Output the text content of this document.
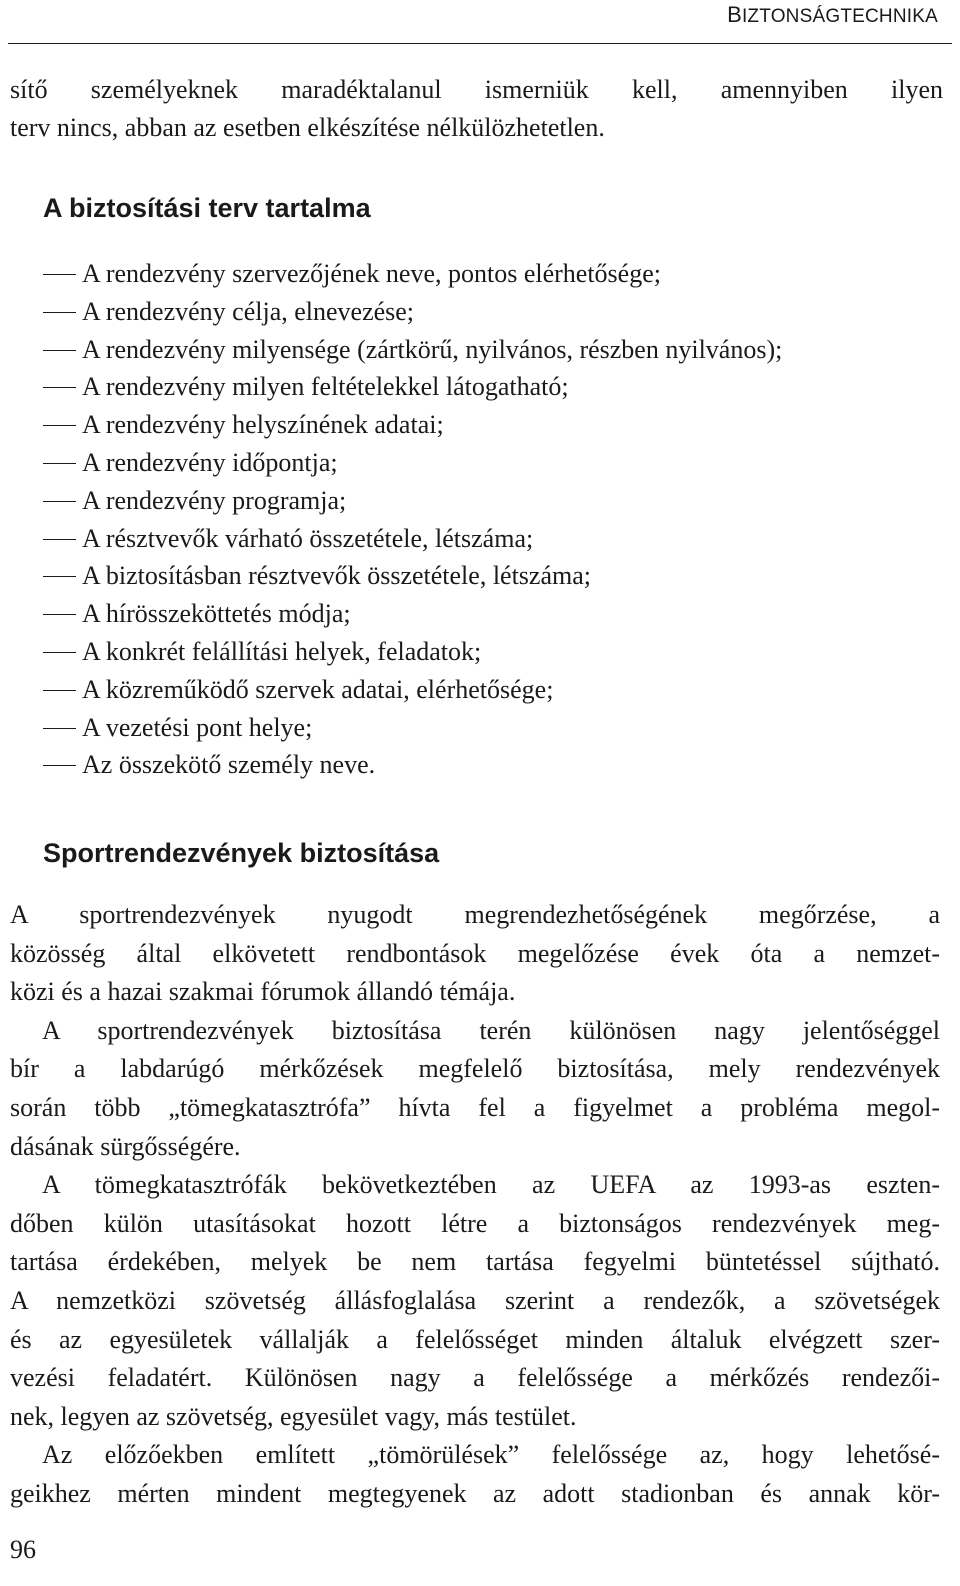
BIZTONSÁGTECHNIKA
sítő személyeknek maradéktalanul ismerniük kell, amennyiben ilyen
terv nincs, abban az esetben elkészítése nélkülözhetetlen.
A biztosítási terv tartalma
A rendezvény szervezőjének neve, pontos elérhetősége;
A rendezvény célja, elnevezése;
A rendezvény milyensége (zártkörű, nyilvános, részben nyilvános);
A rendezvény milyen feltételekkel látogatható;
A rendezvény helyszínének adatai;
A rendezvény időpontja;
A rendezvény programja;
A résztvevők várható összetétele, létszáma;
A biztosításban résztvevők összetétele, létszáma;
A hírösszeköttetés módja;
A konkrét felállítási helyek, feladatok;
A közreműködő szervek adatai, elérhetősége;
A vezetési pont helye;
Az összekötő személy neve.
Sportrendezvények biztosítása
A sportrendezvények nyugodt megrendezhetőségének megőrzése, a
közösség által elkövetett rendbontások megelőzése évek óta a nemzet-
közi és a hazai szakmai fórumok állandó témája.
A sportrendezvények biztosítása terén különösen nagy jelentőséggel
bír a labdarúgó mérkőzések megfelelő biztosítása, mely rendezvények
során több „tömegkatasztrófa” hívta fel a figyelmet a probléma megol-
dásának sürgősségére.
A tömegkatasztrófák bekövetkeztében az UEFA az 1993-as eszten-
dőben külön utasításokat hozott létre a biztonságos rendezvények meg-
tartása érdekében, melyek be nem tartása fegyelmi büntetéssel sújtható.
A nemzetközi szövetség állásfoglalása szerint a rendezők, a szövetségek
és az egyesületek vállalják a felelősséget minden általuk elvégzett szer-
vezési feladatért. Különösen nagy a felelőssége a mérkőzés rendezői-
nek, legyen az szövetség, egyesület vagy, más testület.
Az előzőekben említett „tömörülések” felelőssége az, hogy lehetősé-
geikhez mérten mindent megtegyenek az adott stadionban és annak kör-
96
